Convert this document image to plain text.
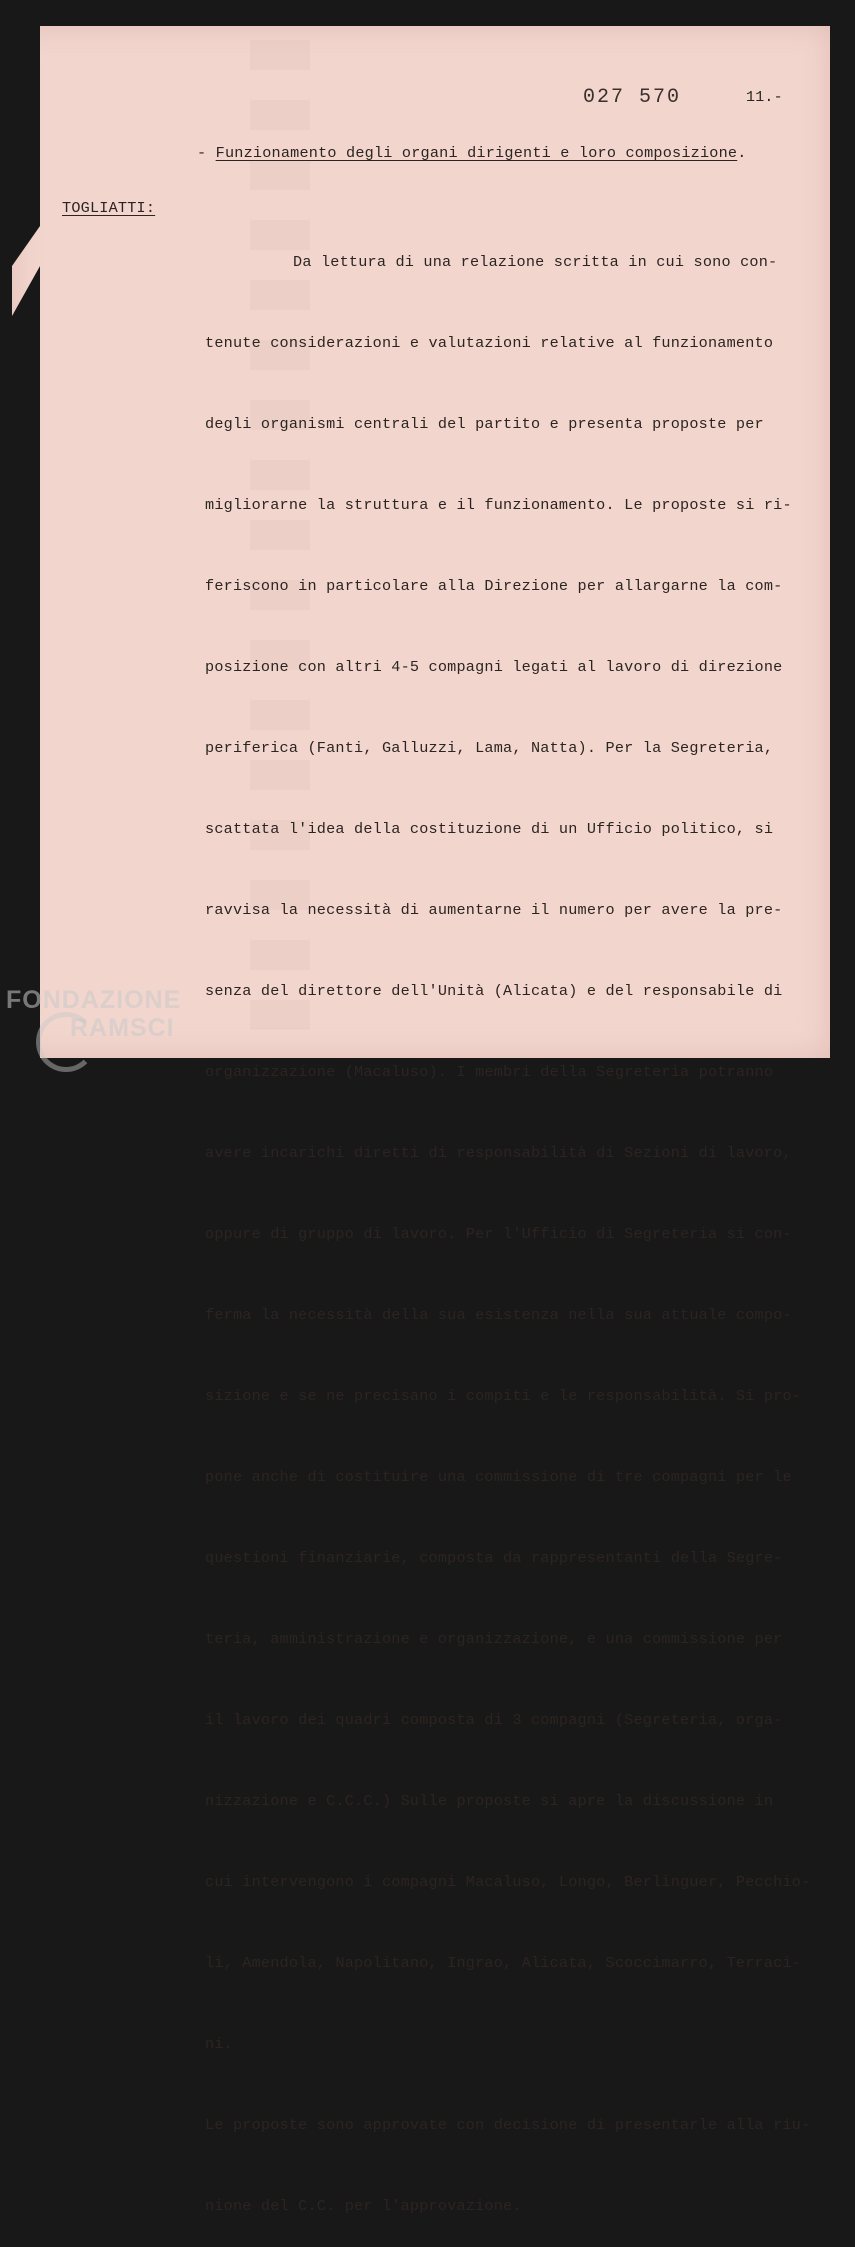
027 570	11.-
- Funzionamento degli organi dirigenti e loro composizione.
TOGLIATTI:

Da lettura di una relazione scritta in cui sono con-

tenute considerazioni e valutazioni relative al funzionamento

degli organismi centrali del partito e presenta proposte per

migliorarne la struttura e il funzionamento. Le proposte si ri-

feriscono in particolare alla Direzione per allargarne la com-

posizione con altri 4-5 compagni legati al lavoro di direzione

periferica (Fanti, Galluzzi, Lama, Natta). Per la Segreteria,

scattata l'idea della costituzione di un Ufficio politico, si

ravvisa la necessità di aumentarne il numero per avere la pre-

senza del direttore dell'Unità (Alicata) e del responsabile di

organizzazione (Macaluso). I membri della Segreteria potranno

avere incarichi diretti di responsabilità di Sezioni di lavoro,

oppure di gruppo di lavoro. Per l'Ufficio di Segreteria si con-

ferma la necessità della sua esistenza nella sua attuale compo-

sizione e se ne precisano i compiti e le responsabilità. Si pro-

pone anche di costituire una commissione di tre compagni per le

questioni finanziarie, composta da rappresentanti della Segre-

teria, amministrazione e organizzazione, e una commissione per

il lavoro dei quadri composta di 3 compagni (Segreteria, orga-

nizzazione e C.C.C.) Sulle proposte si apre la discussione in

cui intervengono i compagni Macaluso, Longo, Berlinguer, Pecchio-

li, Amendola, Napolitano, Ingrao, Alicata, Scoccimarro, Terraci-

ni.

Le proposte sono approvate con decisione di presentarle alla riu-

nione del C.C. per l'approvazione.

FONDAZIONE
RAMSCI
